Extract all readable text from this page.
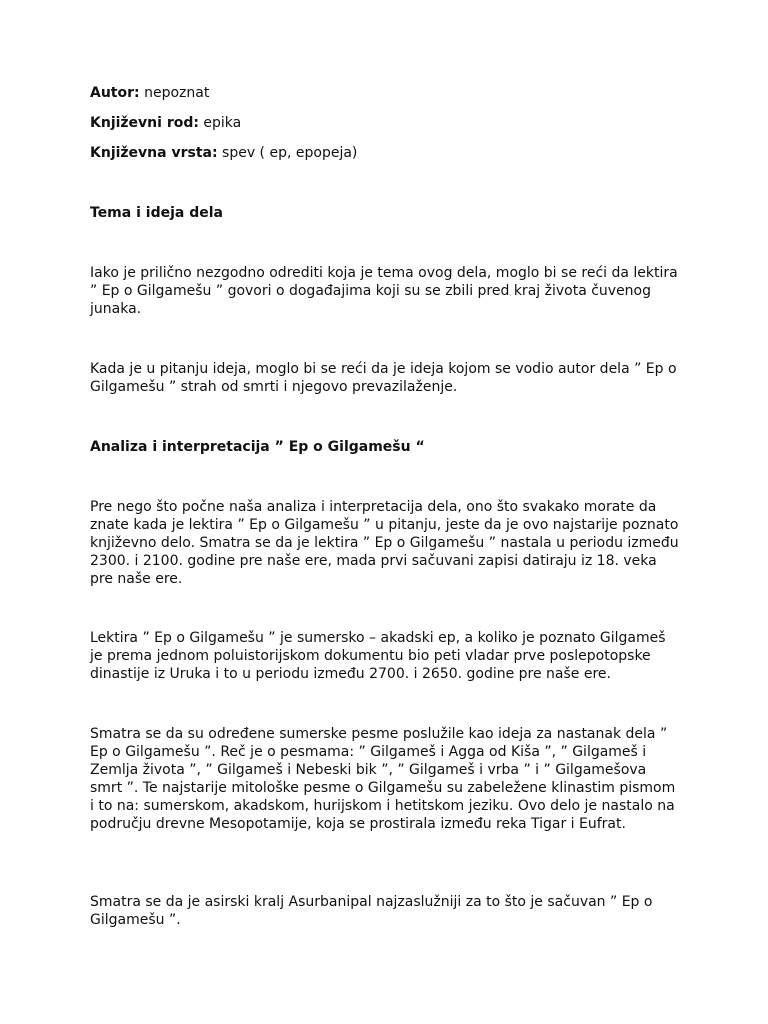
Autor: nepoznat

Književni rod: epika

Književna vrsta: spev ( ep, epopeja)

Tema i ideja dela

Iako je prilično nezgodno odrediti koja je tema ovog dela, moglo bi se reći da lektira ” Ep o Gilgamešu ” govori o događajima koji su se zbili pred kraj života čuvenog junaka.

Kada je u pitanju ideja, moglo bi se reći da je ideja kojom se vodio autor dela ” Ep o Gilgamešu ” strah od smrti i njegovo prevazilaženje.

Analiza i interpretacija ” Ep o Gilgamešu “

Pre nego što počne naša analiza i interpretacija dela, ono što svakako morate da znate kada je lektira ” Ep o Gilgamešu ” u pitanju, jeste da je ovo najstarije poznato književno delo. Smatra se da je lektira ” Ep o Gilgamešu ” nastala u periodu između 2300. i 2100. godine pre naše ere, mada prvi sačuvani zapisi datiraju iz 18. veka pre naše ere.

Lektira ” Ep o Gilgamešu ” je sumersko – akadski ep, a koliko je poznato Gilgameš je prema jednom poluistorijskom dokumentu bio peti vladar prve poslepotopske dinastije iz Uruka i to u periodu između 2700. i 2650. godine pre naše ere.

Smatra se da su određene sumerske pesme poslužile kao ideja za nastanak dela ” Ep o Gilgamešu ”. Reč je o pesmama: ” Gilgameš i Agga od Kiša ”, ” Gilgameš i Zemlja života ”, ” Gilgameš i Nebeski bik ”, ” Gilgameš i vrba ” i ” Gilgamešova smrt ”. Te najstarije mitološke pesme o Gilgamešu su zabeležene klinastim pismom i to na: sumerskom, akadskom, hurijskom i hetitskom jeziku. Ovo delo je nastalo na području drevne Mesopotamije, koja se prostirala između reka Tigar i Eufrat.

Smatra se da je asirski kralj Asurbanipal najzaslužniji za to što je sačuvan ” Ep o Gilgamešu ”.
